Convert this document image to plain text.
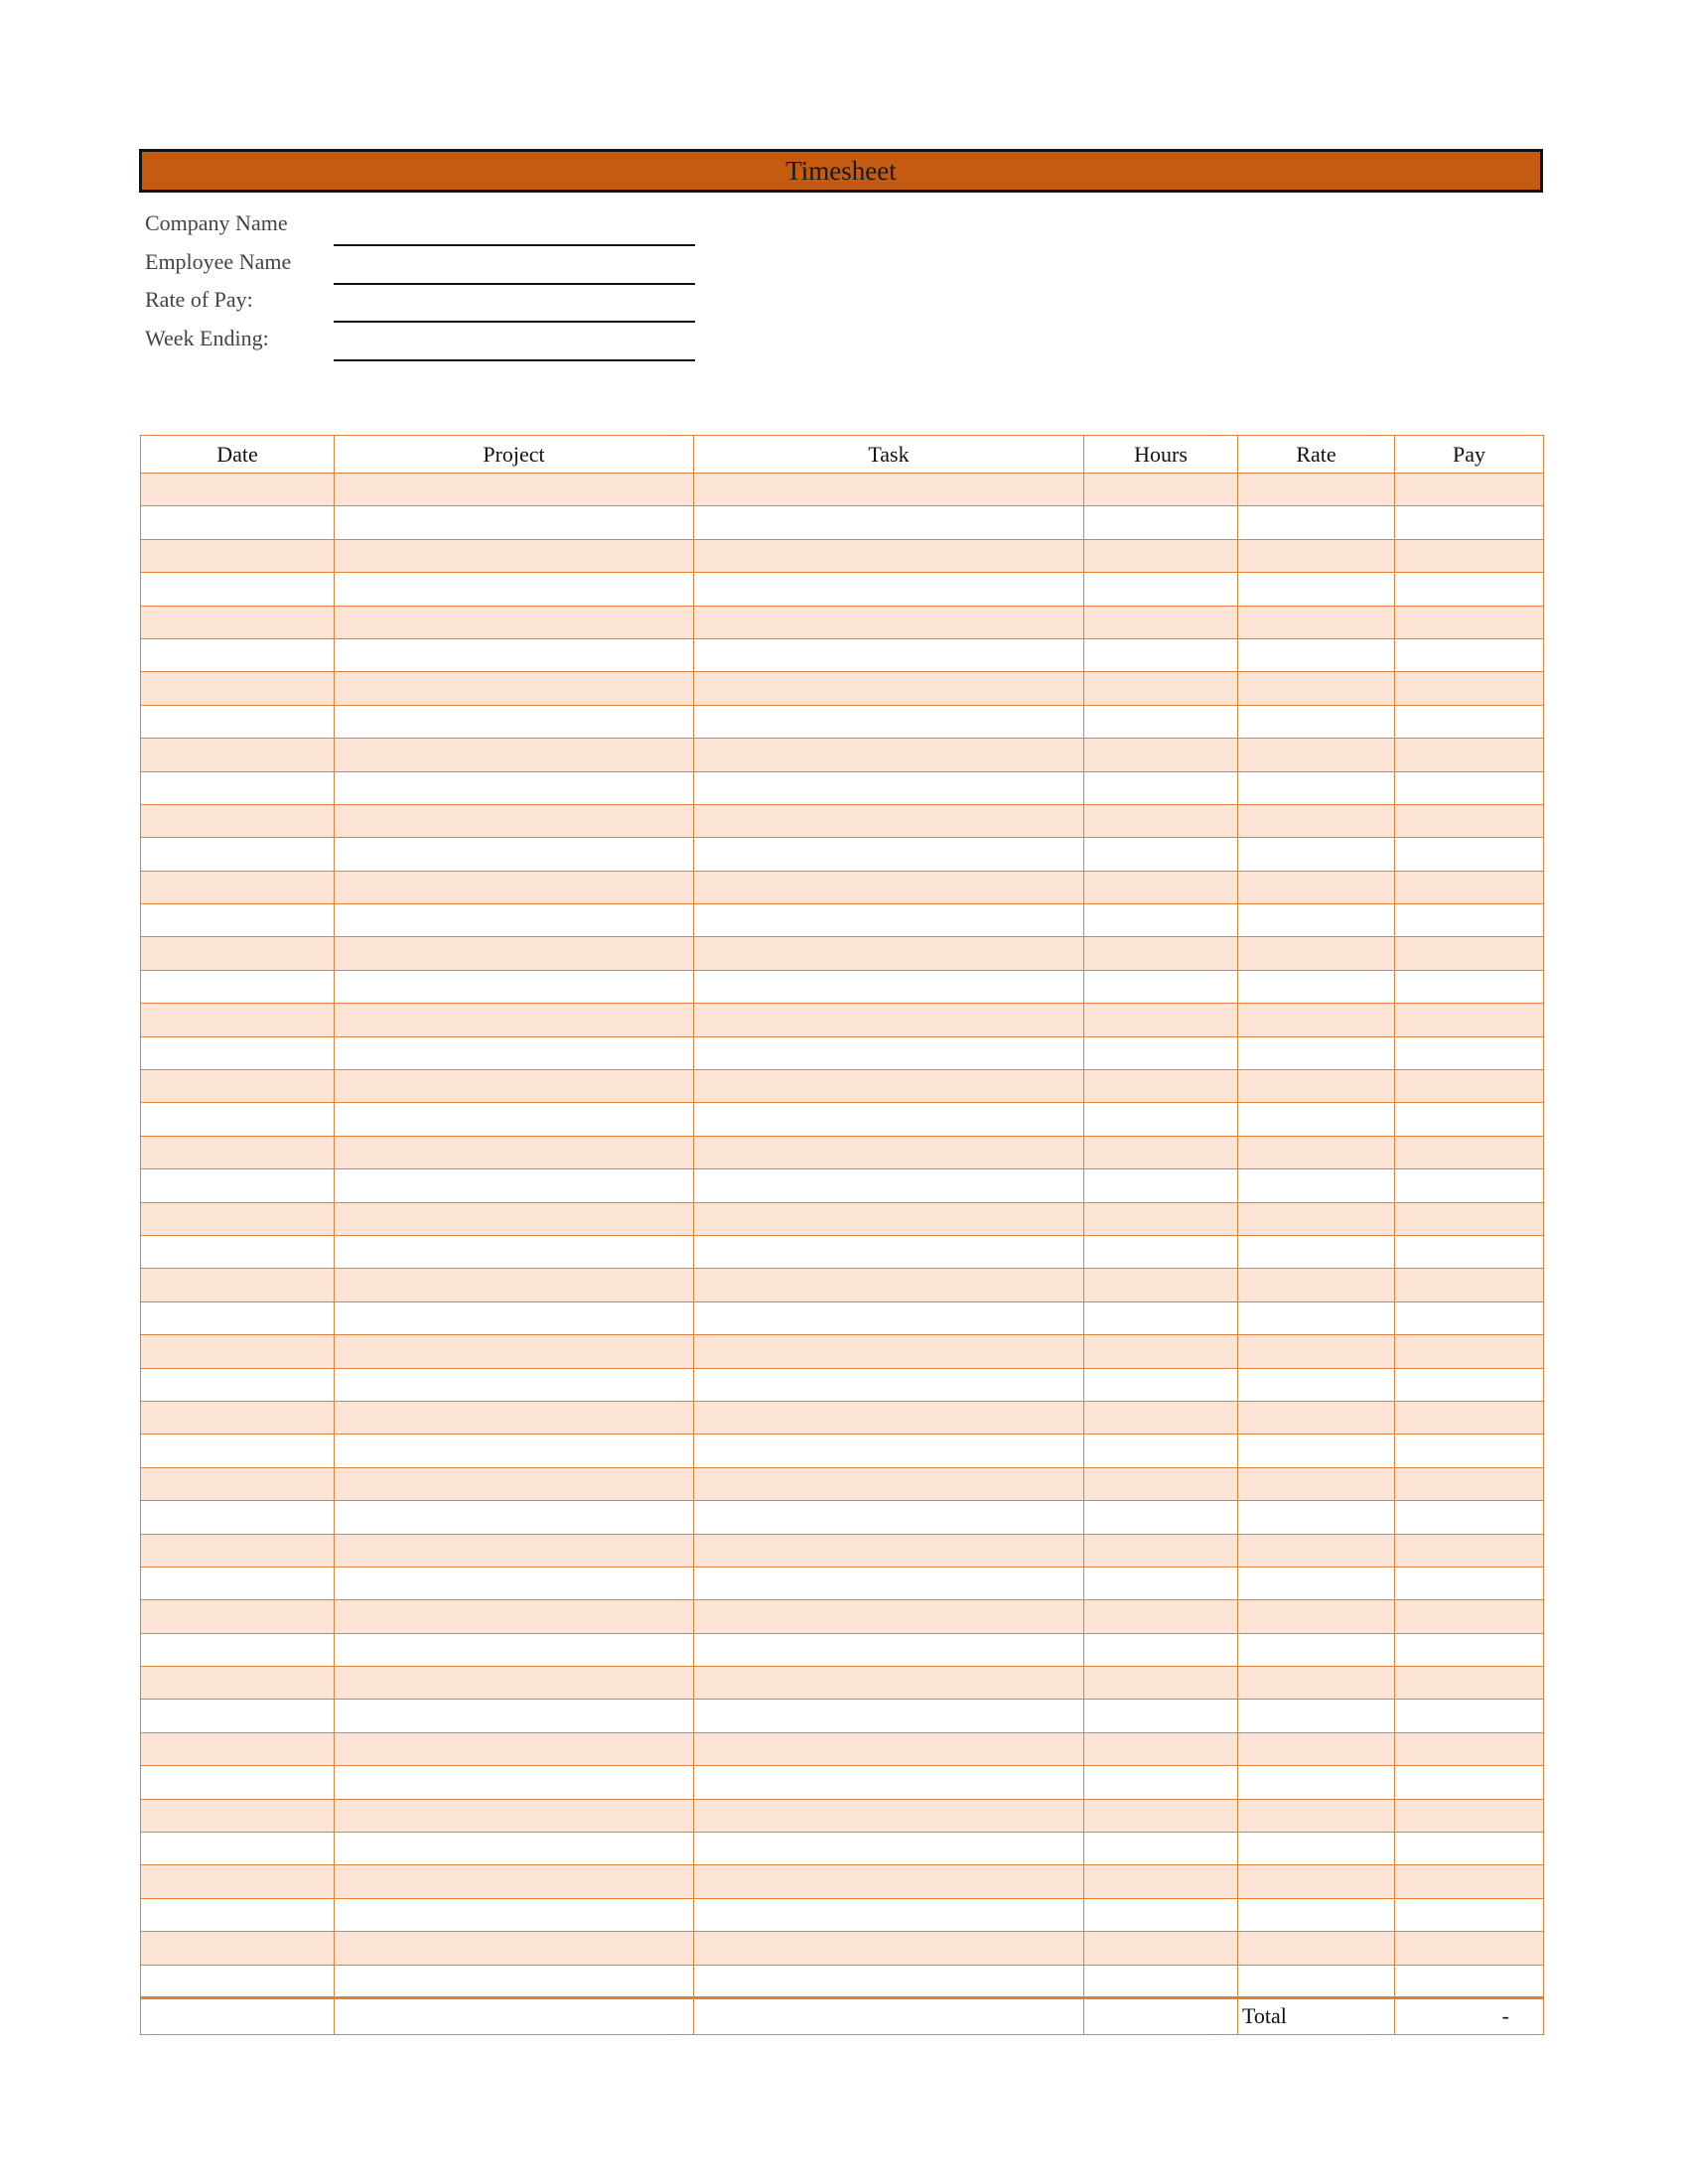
Timesheet
Company Name
Employee Name
Rate of Pay:
Week Ending:
Date	Project	Task	Hours	Rate	Pay

				Total	-
